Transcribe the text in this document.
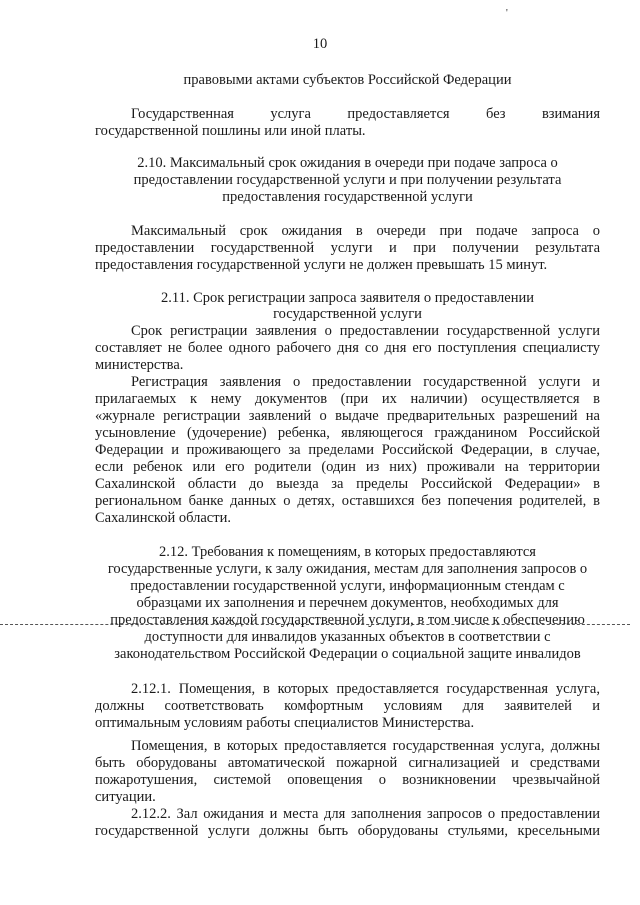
'
10
правовыми актами субъектов Российской Федерации
Государственная услуга предоставляется без взимания
государственной пошлины или иной платы.
2.10. Максимальный срок ожидания в очереди при подаче запроса о
предоставлении государственной услуги и при получении результата
предоставления государственной услуги
Максимальный срок ожидания в очереди при подаче запроса о
предоставлении государственной услуги и при получении результата
предоставления государственной услуги не должен превышать 15 минут.
2.11. Срок регистрации запроса заявителя о предоставлении
государственной услуги
Срок регистрации заявления о предоставлении государственной услуги
составляет не более одного рабочего дня со дня его поступления специалисту
министерства.
Регистрация заявления о предоставлении государственной услуги и
прилагаемых к нему документов (при их наличии) осуществляется в
«журнале регистрации заявлений о выдаче предварительных разрешений на
усыновление (удочерение) ребенка, являющегося гражданином Российской
Федерации и проживающего за пределами Российской Федерации, в случае,
если ребенок или его родители (один из них) проживали на территории
Сахалинской области до выезда за пределы Российской Федерации» в
региональном банке данных о детях, оставшихся без попечения родителей, в
Сахалинской области.
2.12. Требования к помещениям, в которых предоставляются
государственные услуги, к залу ожидания, местам для заполнения запросов о
предоставлении государственной услуги, информационным стендам с
образцами их заполнения и перечнем документов, необходимых для
предоставления каждой государственной услуги, в том числе к обеспечению
доступности для инвалидов указанных объектов в соответствии с
законодательством Российской Федерации о социальной защите инвалидов
2.12.1. Помещения, в которых предоставляется государственная услуга,
должны соответствовать комфортным условиям для заявителей и
оптимальным условиям работы специалистов Министерства.
Помещения, в которых предоставляется государственная услуга, должны
быть оборудованы автоматической пожарной сигнализацией и средствами
пожаротушения, системой оповещения о возникновении чрезвычайной
ситуации.
2.12.2. Зал ожидания и места для заполнения запросов о предоставлении
государственной услуги должны быть оборудованы стульями, кресельными
